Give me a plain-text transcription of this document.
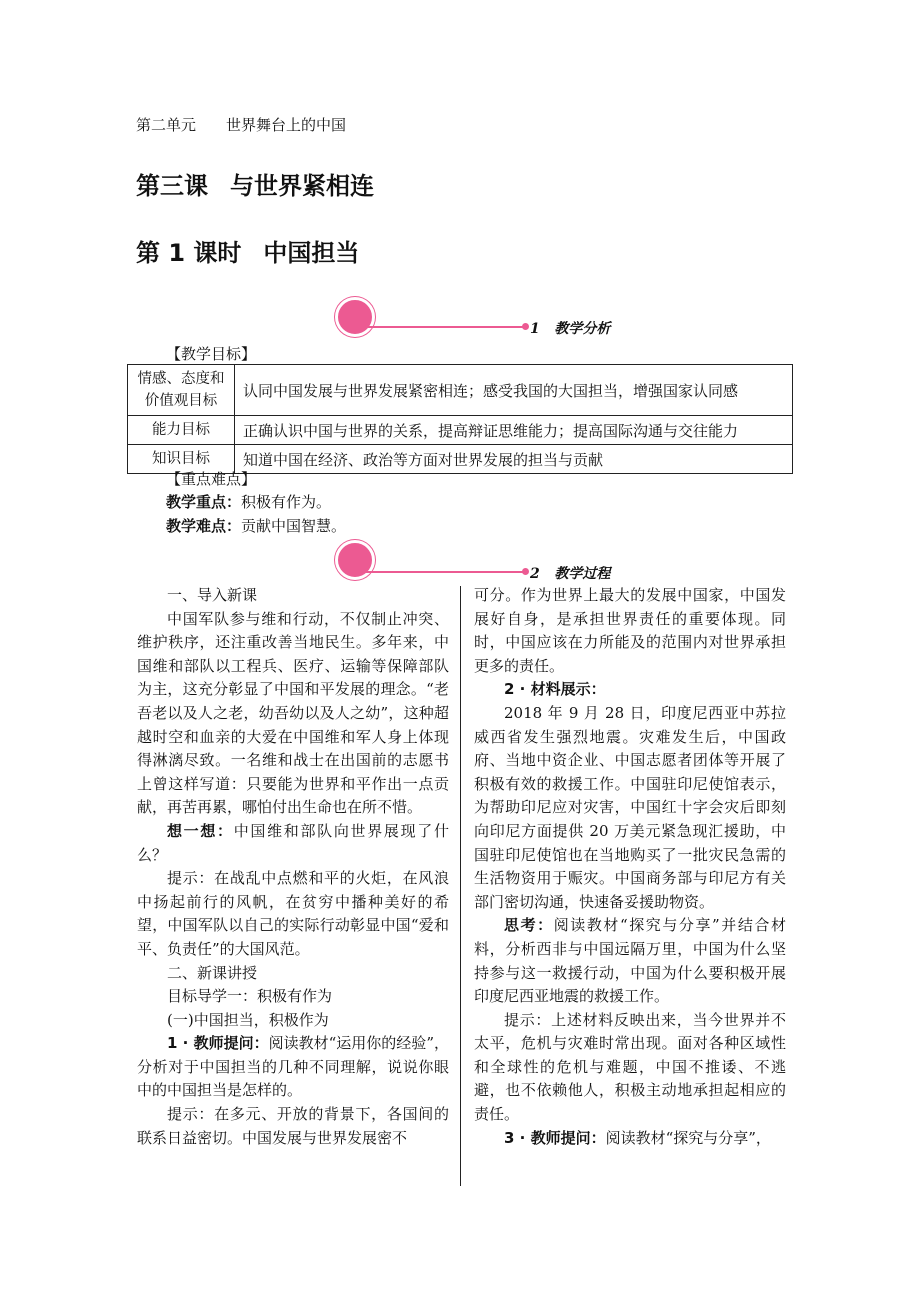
第二单元 世界舞台上的中国
第三课 与世界紧相连
第 1 课时 中国担当
1 教学分析
【教学目标】
情感、态度和价值观目标	认同中国发展与世界发展紧密相连；感受我国的大国担当，增强国家认同感
能力目标	正确认识中国与世界的关系，提高辩证思维能力；提高国际沟通与交往能力
知识目标	知道中国在经济、政治等方面对世界发展的担当与贡献
【重点难点】
教学重点：积极有作为。
教学难点：贡献中国智慧。
2 教学过程

一、导入新课

中国军队参与维和行动，不仅制止冲突、维护秩序，还注重改善当地民生。多年来，中国维和部队以工程兵、医疗、运输等保障部队为主，这充分彰显了中国和平发展的理念。“老吾老以及人之老，幼吾幼以及人之幼”，这种超越时空和血亲的大爱在中国维和军人身上体现得淋漓尽致。一名维和战士在出国前的志愿书上曾这样写道：只要能为世界和平作出一点贡献，再苦再累，哪怕付出生命也在所不惜。

想一想：中国维和部队向世界展现了什么？

提示：在战乱中点燃和平的火炬，在风浪中扬起前行的风帆，在贫穷中播种美好的希望，中国军队以自己的实际行动彰显中国“爱和平、负责任”的大国风范。

二、新课讲授

目标导学一：积极有作为

(一)中国担当，积极作为

1 · 教师提问：阅读教材“运用你的经验”，分析对于中国担当的几种不同理解，说说你眼中的中国担当是怎样的。

提示：在多元、开放的背景下，各国间的联系日益密切。中国发展与世界发展密不

可分。作为世界上最大的发展中国家，中国发展好自身，是承担世界责任的重要体现。同时，中国应该在力所能及的范围内对世界承担更多的责任。

2 · 材料展示：

2018 年 9 月 28 日，印度尼西亚中苏拉威西省发生强烈地震。灾难发生后，中国政府、当地中资企业、中国志愿者团体等开展了积极有效的救援工作。中国驻印尼使馆表示，为帮助印尼应对灾害，中国红十字会灾后即刻向印尼方面提供 20 万美元紧急现汇援助，中国驻印尼使馆也在当地购买了一批灾民急需的生活物资用于赈灾。中国商务部与印尼方有关部门密切沟通，快速备妥援助物资。

思考：阅读教材“探究与分享”并结合材料，分析西非与中国远隔万里，中国为什么坚持参与这一救援行动，中国为什么要积极开展印度尼西亚地震的救援工作。

提示：上述材料反映出来，当今世界并不太平，危机与灾难时常出现。面对各种区域性和全球性的危机与难题，中国不推诿、不逃避，也不依赖他人，积极主动地承担起相应的责任。

3 · 教师提问：阅读教材“探究与分享”，
